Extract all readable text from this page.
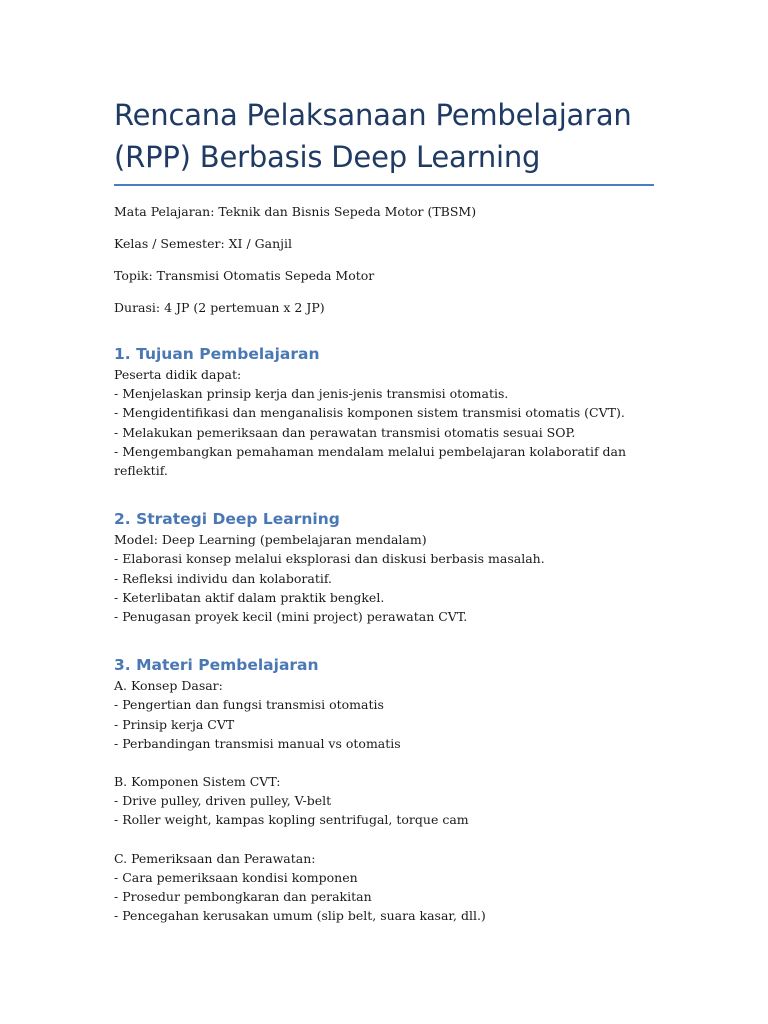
Rencana Pelaksanaan Pembelajaran (RPP) Berbasis Deep Learning

Mata Pelajaran: Teknik dan Bisnis Sepeda Motor (TBSM)

Kelas / Semester: XI / Ganjil

Topik: Transmisi Otomatis Sepeda Motor

Durasi: 4 JP (2 pertemuan x 2 JP)

1. Tujuan Pembelajaran

Peserta didik dapat:

- Menjelaskan prinsip kerja dan jenis-jenis transmisi otomatis.

- Mengidentifikasi dan menganalisis komponen sistem transmisi otomatis (CVT).

- Melakukan pemeriksaan dan perawatan transmisi otomatis sesuai SOP.

- Mengembangkan pemahaman mendalam melalui pembelajaran kolaboratif dan reflektif.

2. Strategi Deep Learning

Model: Deep Learning (pembelajaran mendalam)

- Elaborasi konsep melalui eksplorasi dan diskusi berbasis masalah.

- Refleksi individu dan kolaboratif.

- Keterlibatan aktif dalam praktik bengkel.

- Penugasan proyek kecil (mini project) perawatan CVT.

3. Materi Pembelajaran

A. Konsep Dasar:

- Pengertian dan fungsi transmisi otomatis

- Prinsip kerja CVT

- Perbandingan transmisi manual vs otomatis

B. Komponen Sistem CVT:

- Drive pulley, driven pulley, V-belt

- Roller weight, kampas kopling sentrifugal, torque cam

C. Pemeriksaan dan Perawatan:

- Cara pemeriksaan kondisi komponen

- Prosedur pembongkaran dan perakitan

- Pencegahan kerusakan umum (slip belt, suara kasar, dll.)
